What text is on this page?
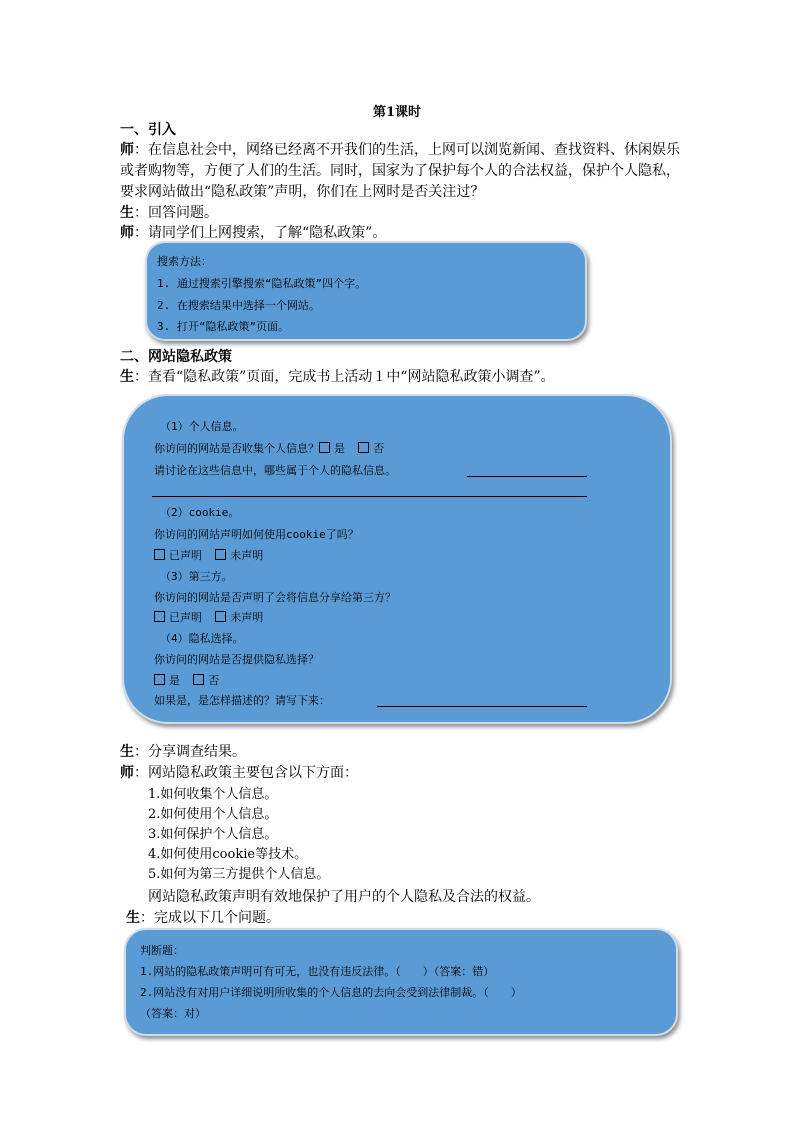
第1课时
一、引入
师：在信息社会中，网络已经离不开我们的生活，上网可以浏览新闻、查找资料、休闲娱乐
或者购物等，方便了人们的生活。同时，国家为了保护每个人的合法权益，保护个人隐私，
要求网站做出“隐私政策”声明，你们在上网时是否关注过？
生：回答问题。
师：请同学们上网搜索，了解“隐私政策”。
搜索方法：
1. 通过搜索引擎搜索“隐私政策”四个字。
2. 在搜索结果中选择一个网站。
3. 打开“隐私政策”页面。
二、网站隐私政策
生：查看“隐私政策”页面，完成书上活动１中“网站隐私政策小调查”。
（1）个人信息。
你访问的网站是否收集个人信息？ 是	否
请讨论在这些信息中，哪些属于个人的隐私信息。
（2）cookie。
你访问的网站声明如何使用cookie了吗？
已声明	未声明
（3）第三方。
你访问的网站是否声明了会将信息分享给第三方？
已声明	未声明
（4）隐私选择。
你访问的网站是否提供隐私选择？
是	否
如果是，是怎样描述的？请写下来：
生：分享调查结果。
师：网站隐私政策主要包含以下方面：
1.如何收集个人信息。
2.如何使用个人信息。
3.如何保护个人信息。
4.如何使用cookie等技术。
5.如何为第三方提供个人信息。
网站隐私政策声明有效地保护了用户的个人隐私及合法的权益。
生：完成以下几个问题。
判断题：
1.网站的隐私政策声明可有可无，也没有违反法律。（　　）（答案：错）
2.网站没有对用户详细说明所收集的个人信息的去向会受到法律制裁。（　　）
（答案：对）
